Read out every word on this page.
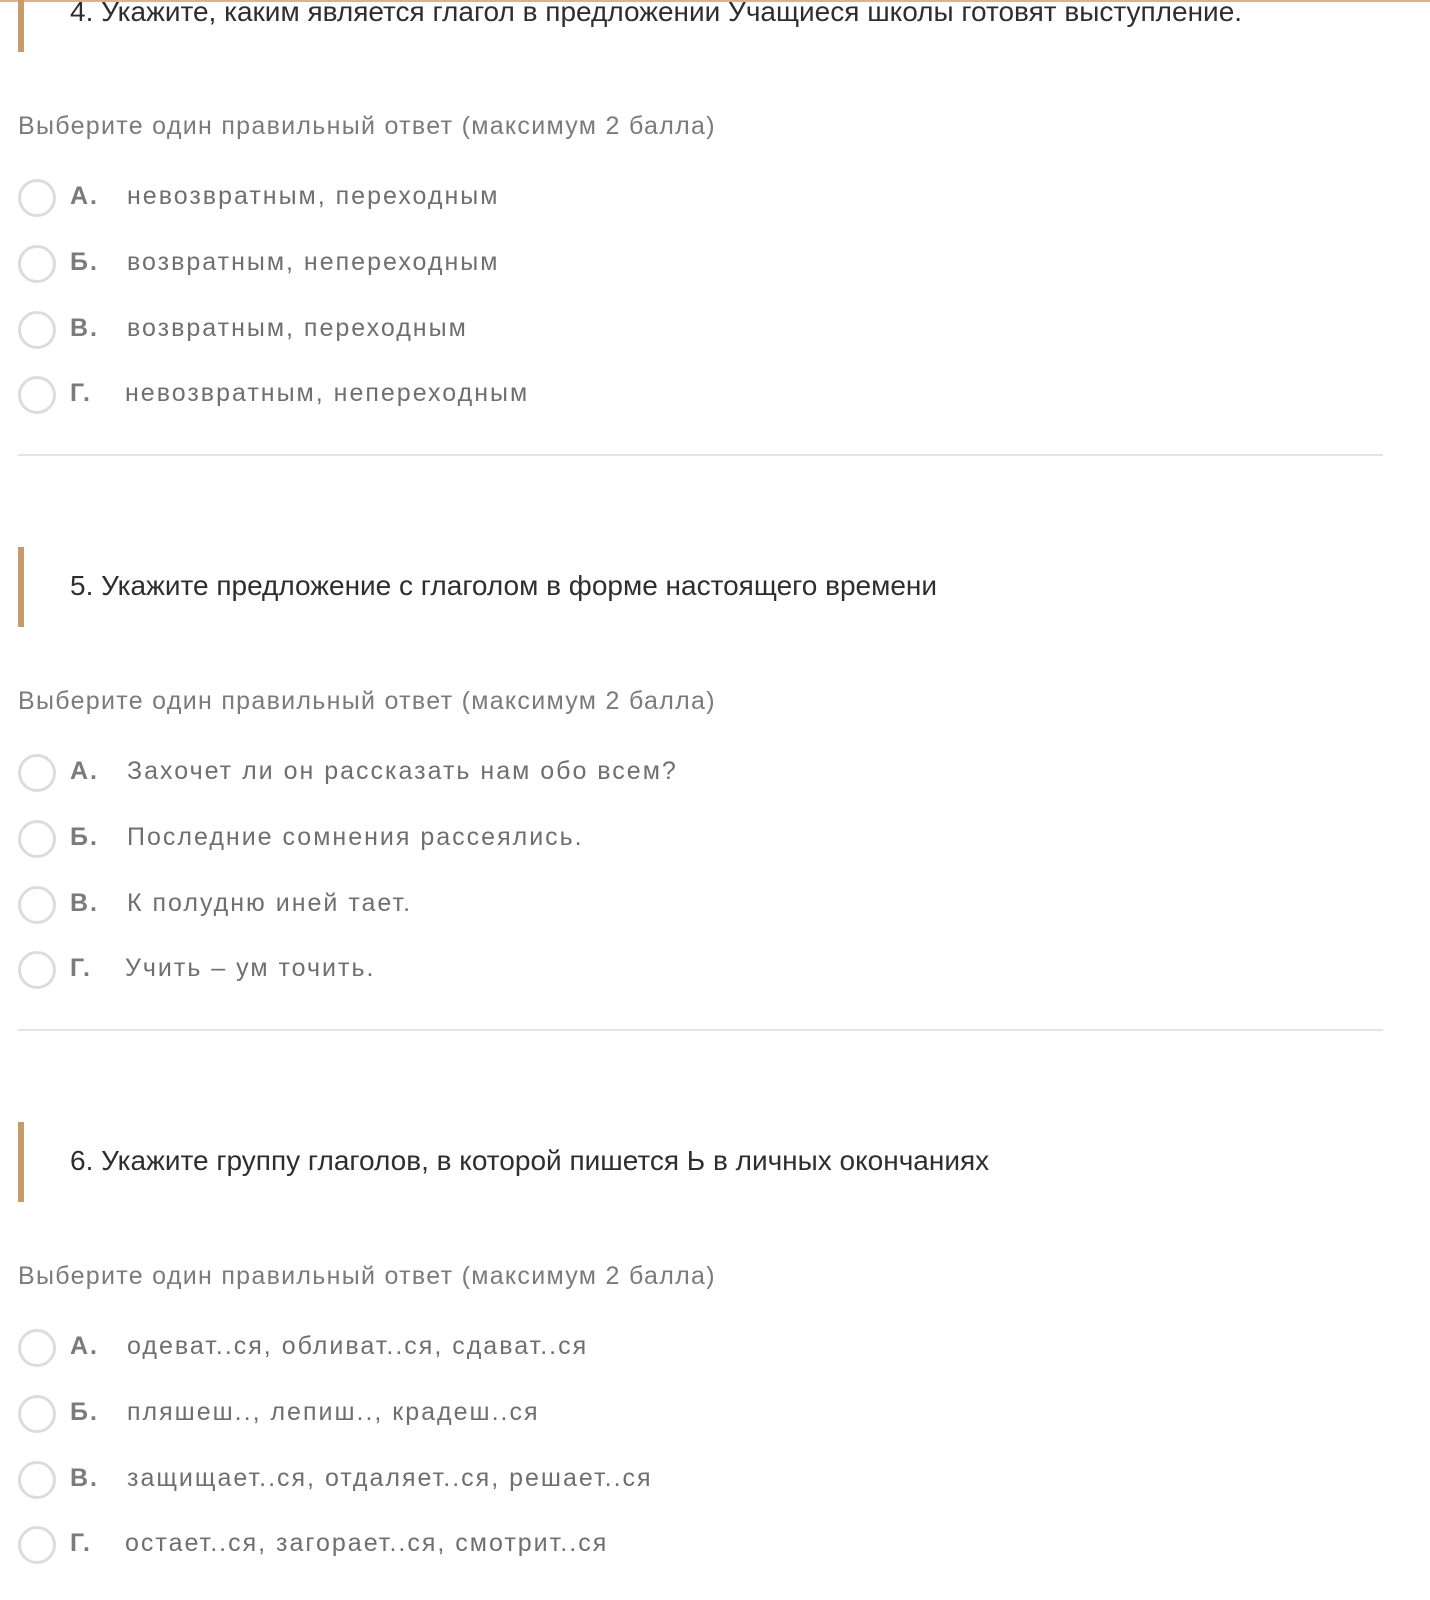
4. Укажите, каким является глагол в предложении Учащиеся школы готовят выступление.
Выберите один правильный ответ (максимум 2 балла)
А. невозвратным, переходным
Б. возвратным, непереходным
В. возвратным, переходным
Г. невозвратным, непереходным
5. Укажите предложение с глаголом в форме настоящего времени
Выберите один правильный ответ (максимум 2 балла)
А. Захочет ли он рассказать нам обо всем?
Б. Последние сомнения рассеялись.
В. К полудню иней тает.
Г. Учить – ум точить.
6. Укажите группу глаголов, в которой пишется Ь в личных окончаниях
Выберите один правильный ответ (максимум 2 балла)
А. одеват..ся, обливат..ся, сдават..ся
Б. пляшеш.., лепиш.., крадеш..ся
В. защищает..ся, отдаляет..ся, решает..ся
Г. остает..ся, загорает..ся, смотрит..ся
